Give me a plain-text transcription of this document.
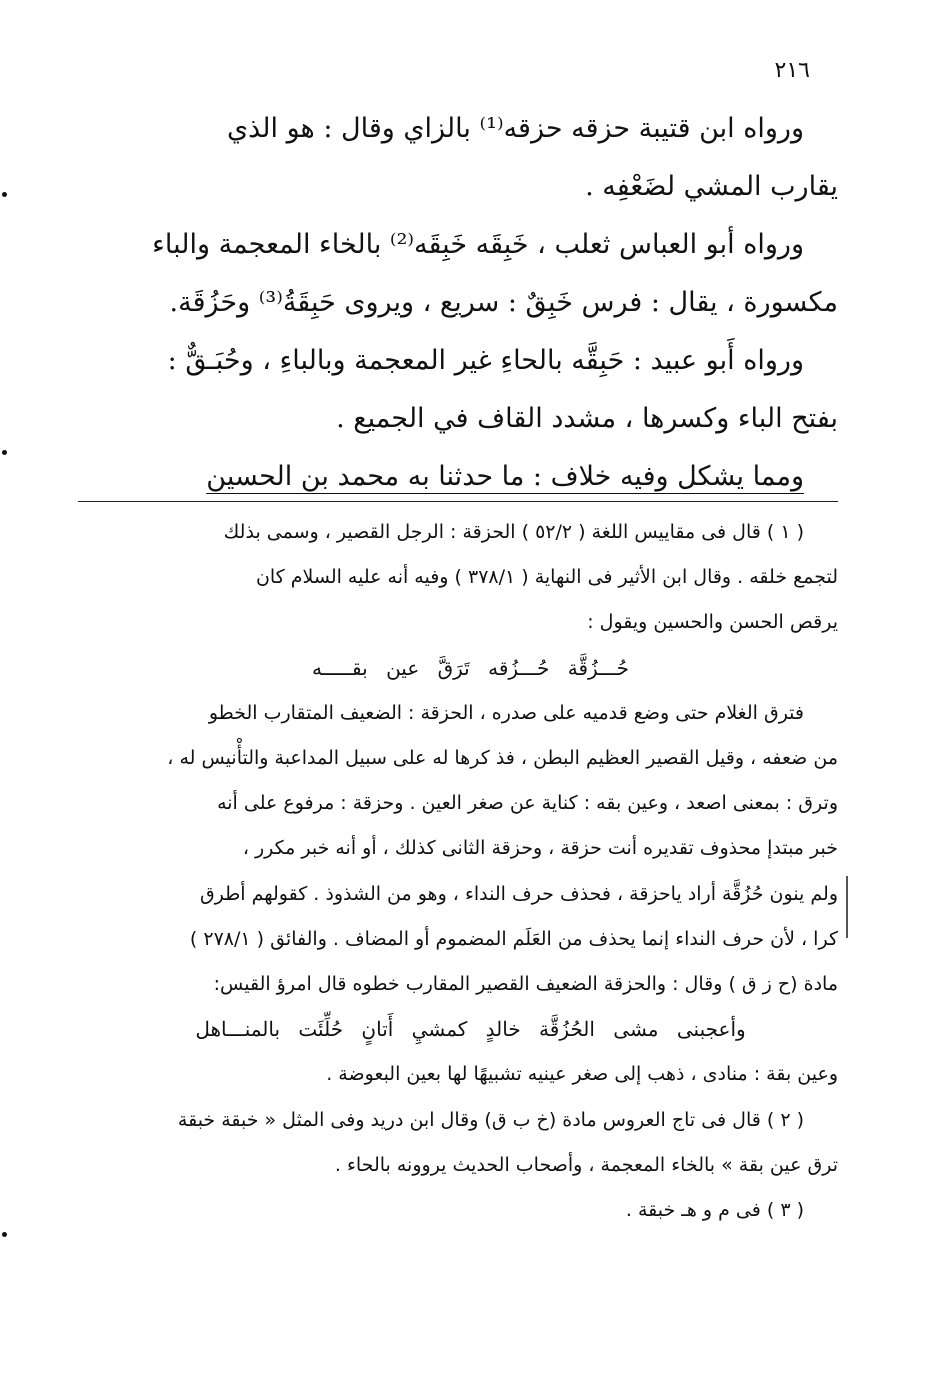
٢١٦

ورواه ابن قتيبة حزقه حزقه⁽¹⁾ بالزاي وقال : هو الذي

يقارب المشي لضَعْفِه .

ورواه أبو العباس ثعلب ، خَبِقَه خَبِقَه⁽²⁾ بالخاء المعجمة والباء

مكسورة ، يقال : فرس خَبِقٌ : سريع ، ويروى حَبِقَةُ⁽³⁾ وحَزُقَة.

ورواه أَبو عبيد : حَبِقَّه بالحاءِ غير المعجمة وبالباءِ ، وحُبَـقٌّ :

بفتح الباء وكسرها ، مشدد القاف في الجميع .

ومما يشكل وفيه خلاف : ما حدثنا به محمد بن الحسين

( ١ ) قال فى مقاييس اللغة ( ٥٢/٢ ) الحزقة : الرجل القصير ، وسمى بذلك

لتجمع خلقه . وقال ابن الأثير فى النهاية ( ٣٧٨/١ ) وفيه أنه عليه السلام كان

يرقص الحسن والحسين ويقول :

حُـــزُقَّة حُـــزُقه تَرَقَّ عين بقـــــه

فترق الغلام حتى وضع قدميه على صدره ، الحزقة : الضعيف المتقارب الخطو

من ضعفه ، وقيل القصير العظيم البطن ، فذ كرها له على سبيل المداعبة والتأْنيس له ،

وترق : بمعنى اصعد ، وعين بقه : كناية عن صغر العين . وحزقة : مرفوع على أنه

خبر مبتدإ محذوف تقديره أنت حزقة ، وحزقة الثانى كذلك ، أو أنه خبر مكرر ،

ولم ينون حُزُقَّة أراد ياحزقة ، فحذف حرف النداء ، وهو من الشذوذ . كقولهم أطرق

كرا ، لأن حرف النداء إنما يحذف من العَلَم المضموم أو المضاف . والفائق ( ٢٧٨/١ )

مادة (ح ز ق ) وقال : والحزقة الضعيف القصير المقارب خطوه قال امرؤ القيس:

وأعجبنى مشى الحُزُقَّة خالدٍ كمشيِ أَتانٍ حُلِّئَت بالمنـــاهل

وعين بقة : منادى ، ذهب إلى صغر عينيه تشبيهًا لها بعين البعوضة .

( ٢ ) قال فى تاج العروس مادة (خ ب ق) وقال ابن دريد وفى المثل « خبقة خبقة

ترق عين بقة » بالخاء المعجمة ، وأصحاب الحديث يروونه بالحاء .

( ٣ ) فى م و هـ خبقة .
